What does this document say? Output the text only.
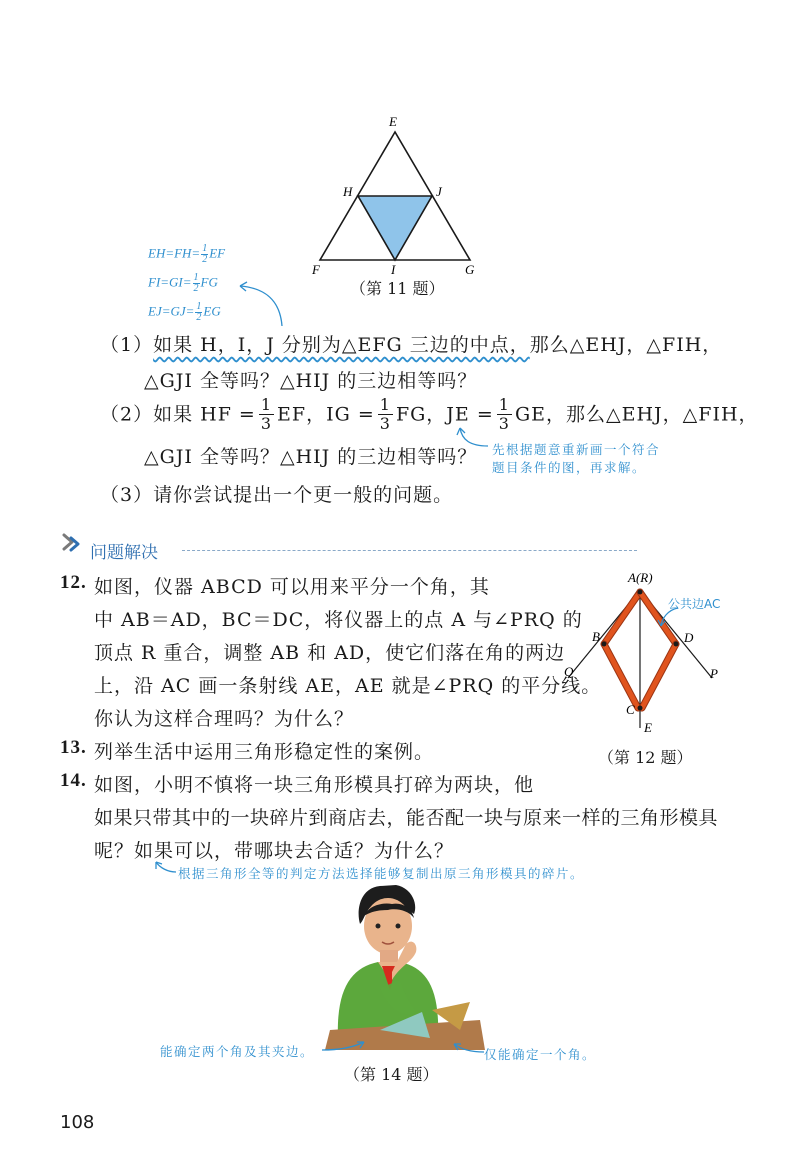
E
H	J
F	I	G
（第 11 题）
$EH=FH= \frac{1}{2}$ EF
$FI=GI= \frac{1}{2}$ FG
$EJ=GJ= \frac{1}{2}$ EG
（1）如果 H，I，J 分别为△EFG 三边的中点，那么△EHJ，△FIH，
△GJI 全等吗？△HIJ 的三边相等吗？
（2）如果 HF = $\frac{1}{3}$ EF，IG = $\frac{1}{3}$ FG，JE = $\frac{1}{3}$ GE，那么△EHJ，△FIH，
△GJI 全等吗？△HIJ 的三边相等吗？ 先根据题意重新画一个符合
题目条件的图，再求解。
（3）请你尝试提出一个更一般的问题。
问题解决
12. 如图，仪器 ABCD 可以用来平分一个角，其
中 AB＝AD，BC＝DC，将仪器上的点 A 与∠PRQ 的
顶点 R 重合，调整 AB 和 AD，使它们落在角的两边
上，沿 AC 画一条射线 AE，AE 就是∠PRQ 的平分线。
你认为这样合理吗？为什么？
A(R)
B	D
C
E
Q	P
公共边AC
（第 12 题）
13. 列举生活中运用三角形稳定性的案例。
14. 如图，小明不慎将一块三角形模具打碎为两块，他
如果只带其中的一块碎片到商店去，能否配一块与原来一样的三角形模具
呢？如果可以，带哪块去合适？为什么？
根据三角形全等的判定方法选择能够复制出原三角形模具的碎片。
能确定两个角及其夹边。	仅能确定一个角。
（第 14 题）
108
